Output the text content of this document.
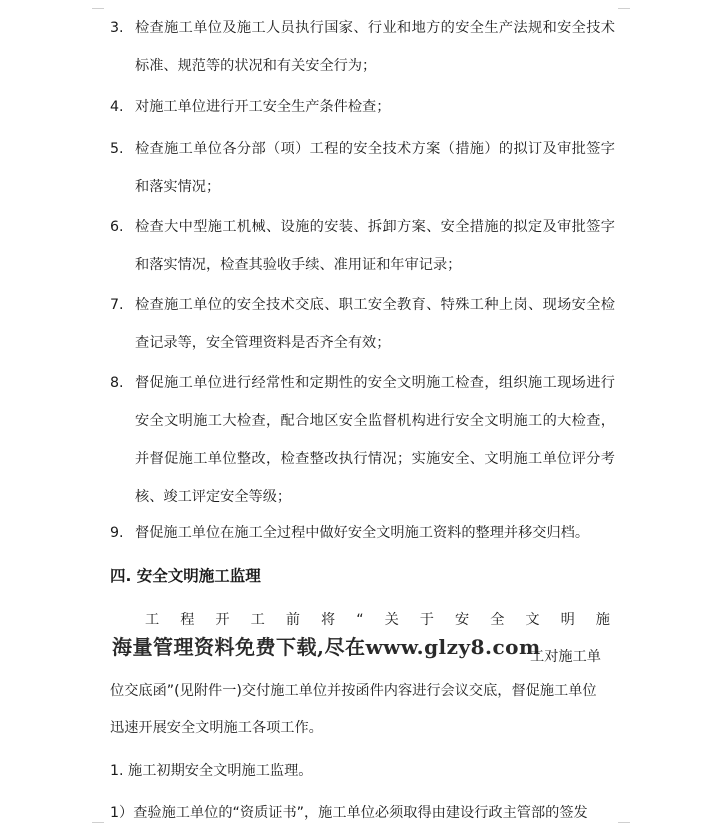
3. 检查施工单位及施工人员执行国家、行业和地方的安全生产法规和安全技术标准、规范等的状况和有关安全行为；
4. 对施工单位进行开工安全生产条件检查；
5. 检查施工单位各分部（项）工程的安全技术方案（措施）的拟订及审批签字和落实情况；
6. 检查大中型施工机械、设施的安装、拆卸方案、安全措施的拟定及审批签字和落实情况，检查其验收手续、准用证和年审记录；
7. 检查施工单位的安全技术交底、职工安全教育、特殊工种上岗、现场安全检查记录等，安全管理资料是否齐全有效；
8. 督促施工单位进行经常性和定期性的安全文明施工检查，组织施工现场进行安全文明施工大检查，配合地区安全监督机构进行安全文明施工的大检查，并督促施工单位整改，检查整改执行情况；实施安全、文明施工单位评分考核、竣工评定安全等级；
9. 督促施工单位在施工全过程中做好安全文明施工资料的整理并移交归档。
四. 安全文明施工监理
工程开工前将“关于安全文明施
海量管理资料免费下载,尽在www.glzy8.com
工对施工单
位交底函”(见附件一)交付施工单位并按函件内容进行会议交底，督促施工单位
迅速开展安全文明施工各项工作。
1. 施工初期安全文明施工监理。
1）查验施工单位的“资质证书”，施工单位必须取得由建设行政主管部的签发
